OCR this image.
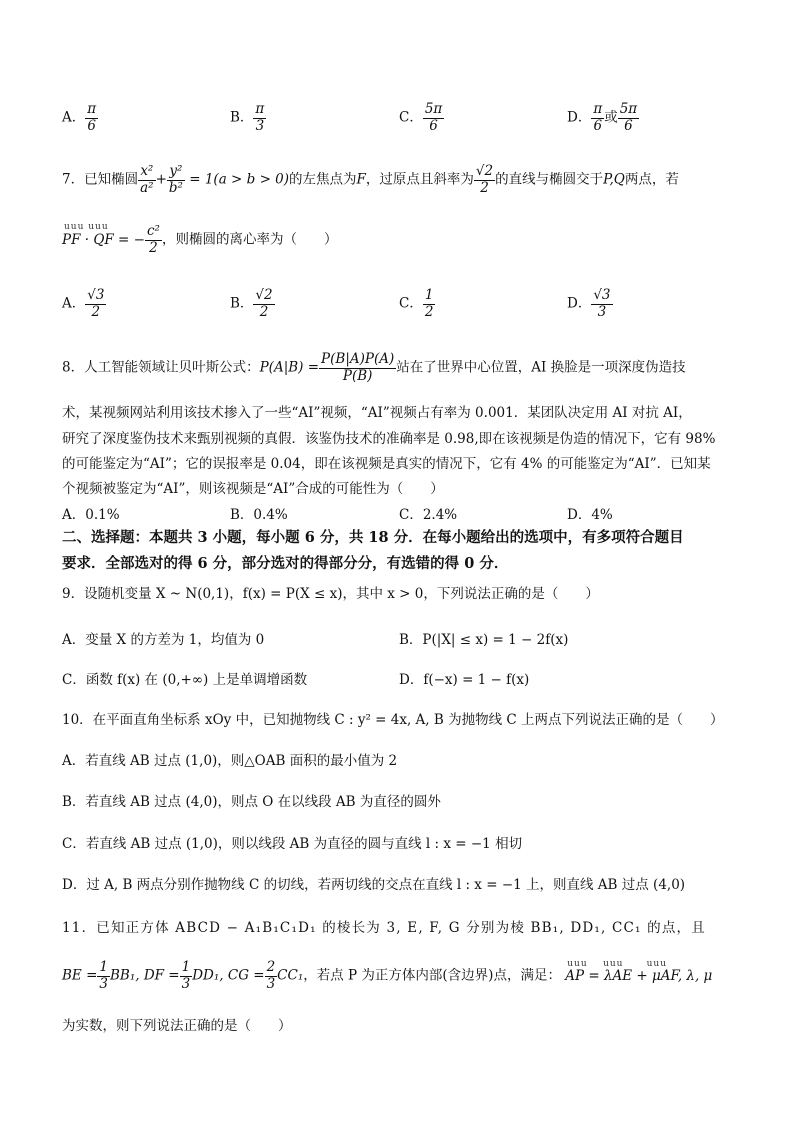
A． $\frac{\pi}{6}$	B． $\frac{\pi}{3}$	C． $\frac{5\pi}{6}$	D． $\frac{\pi}{6}$ 或 $\frac{5\pi}{6}$
7．已知椭圆 $\frac{\text{x²}}{\text{a²}} + \frac{\text{y²}}{\text{b²}} = 1(a > b > 0)$的左焦点为F，过原点且斜率为 $\frac{√2}{2}$ 的直线与椭圆交于P,Q两点，若
uuu uuu
PF · QF = − $\frac{\text{c²}}{2}$ ，则椭圆的离心率为（　　）
A． $\frac{√3}{2}$	B． $\frac{√2}{2}$	C． $\frac{1}{2}$	D． $\frac{√3}{3}$
8．人工智能领域让贝叶斯公式：$P(A|B) = \frac{P(B|A)P(A)}{P(B)}$ 站在了世界中心位置，AI 换脸是一项深度伪造技
术，某视频网站利用该技术掺入了一些“AI”视频，“AI”视频占有率为 0.001．某团队决定用 AI 对抗 AI，
研究了深度鉴伪技术来甄别视频的真假．该鉴伪技术的准确率是 0.98,即在该视频是伪造的情况下，它有 98%
的可能鉴定为“AI”；它的误报率是 0.04，即在该视频是真实的情况下，它有 4% 的可能鉴定为“AI”．已知某
个视频被鉴定为“AI”，则该视频是“AI”合成的可能性为（　　）
A．0.1%	B．0.4%	C．2.4%	D．4%
二、选择题：本题共 3 小题，每小题 6 分，共 18 分．在每小题给出的选项中，有多项符合题目
要求．全部选对的得 6 分，部分选对的得部分分，有选错的得 0 分．
9．设随机变量 X ~ N(0,1)，f(x) = P(X ≤ x)，其中 x > 0，下列说法正确的是（　　）
A．变量 X 的方差为 1，均值为 0	B．P(|X| ≤ x) = 1 − 2f(x)
C．函数 f(x) 在 (0,+∞) 上是单调增函数	D．f(−x) = 1 − f(x)
10．在平面直角坐标系 xOy 中，已知抛物线 C : y² = 4x, A, B 为抛物线 C 上两点下列说法正确的是（　　）
A．若直线 AB 过点 (1,0)，则△OAB 面积的最小值为 2
B．若直线 AB 过点 (4,0)，则点 O 在以线段 AB 为直径的圆外
C．若直线 AB 过点 (1,0)，则以线段 AB 为直径的圆与直线 l : x = −1 相切
D．过 A, B 两点分别作抛物线 C 的切线，若两切线的交点在直线 l : x = −1 上，则直线 AB 过点 (4,0)
11．已知正方体 ABCD − A₁B₁C₁D₁ 的棱长为 3, E, F, G 分别为棱 BB₁, DD₁, CC₁ 的点，且
BE = $\frac{1}{3} BB_1$, DF = $\frac{1}{3} DD_1$, CG = $\frac{2}{3} CC_1$，若点 P 为正方体内部(含边界)点，满足：
uuu    uuu      uuu
AP = λAE + μAF, λ, μ
为实数，则下列说法正确的是（　　）
